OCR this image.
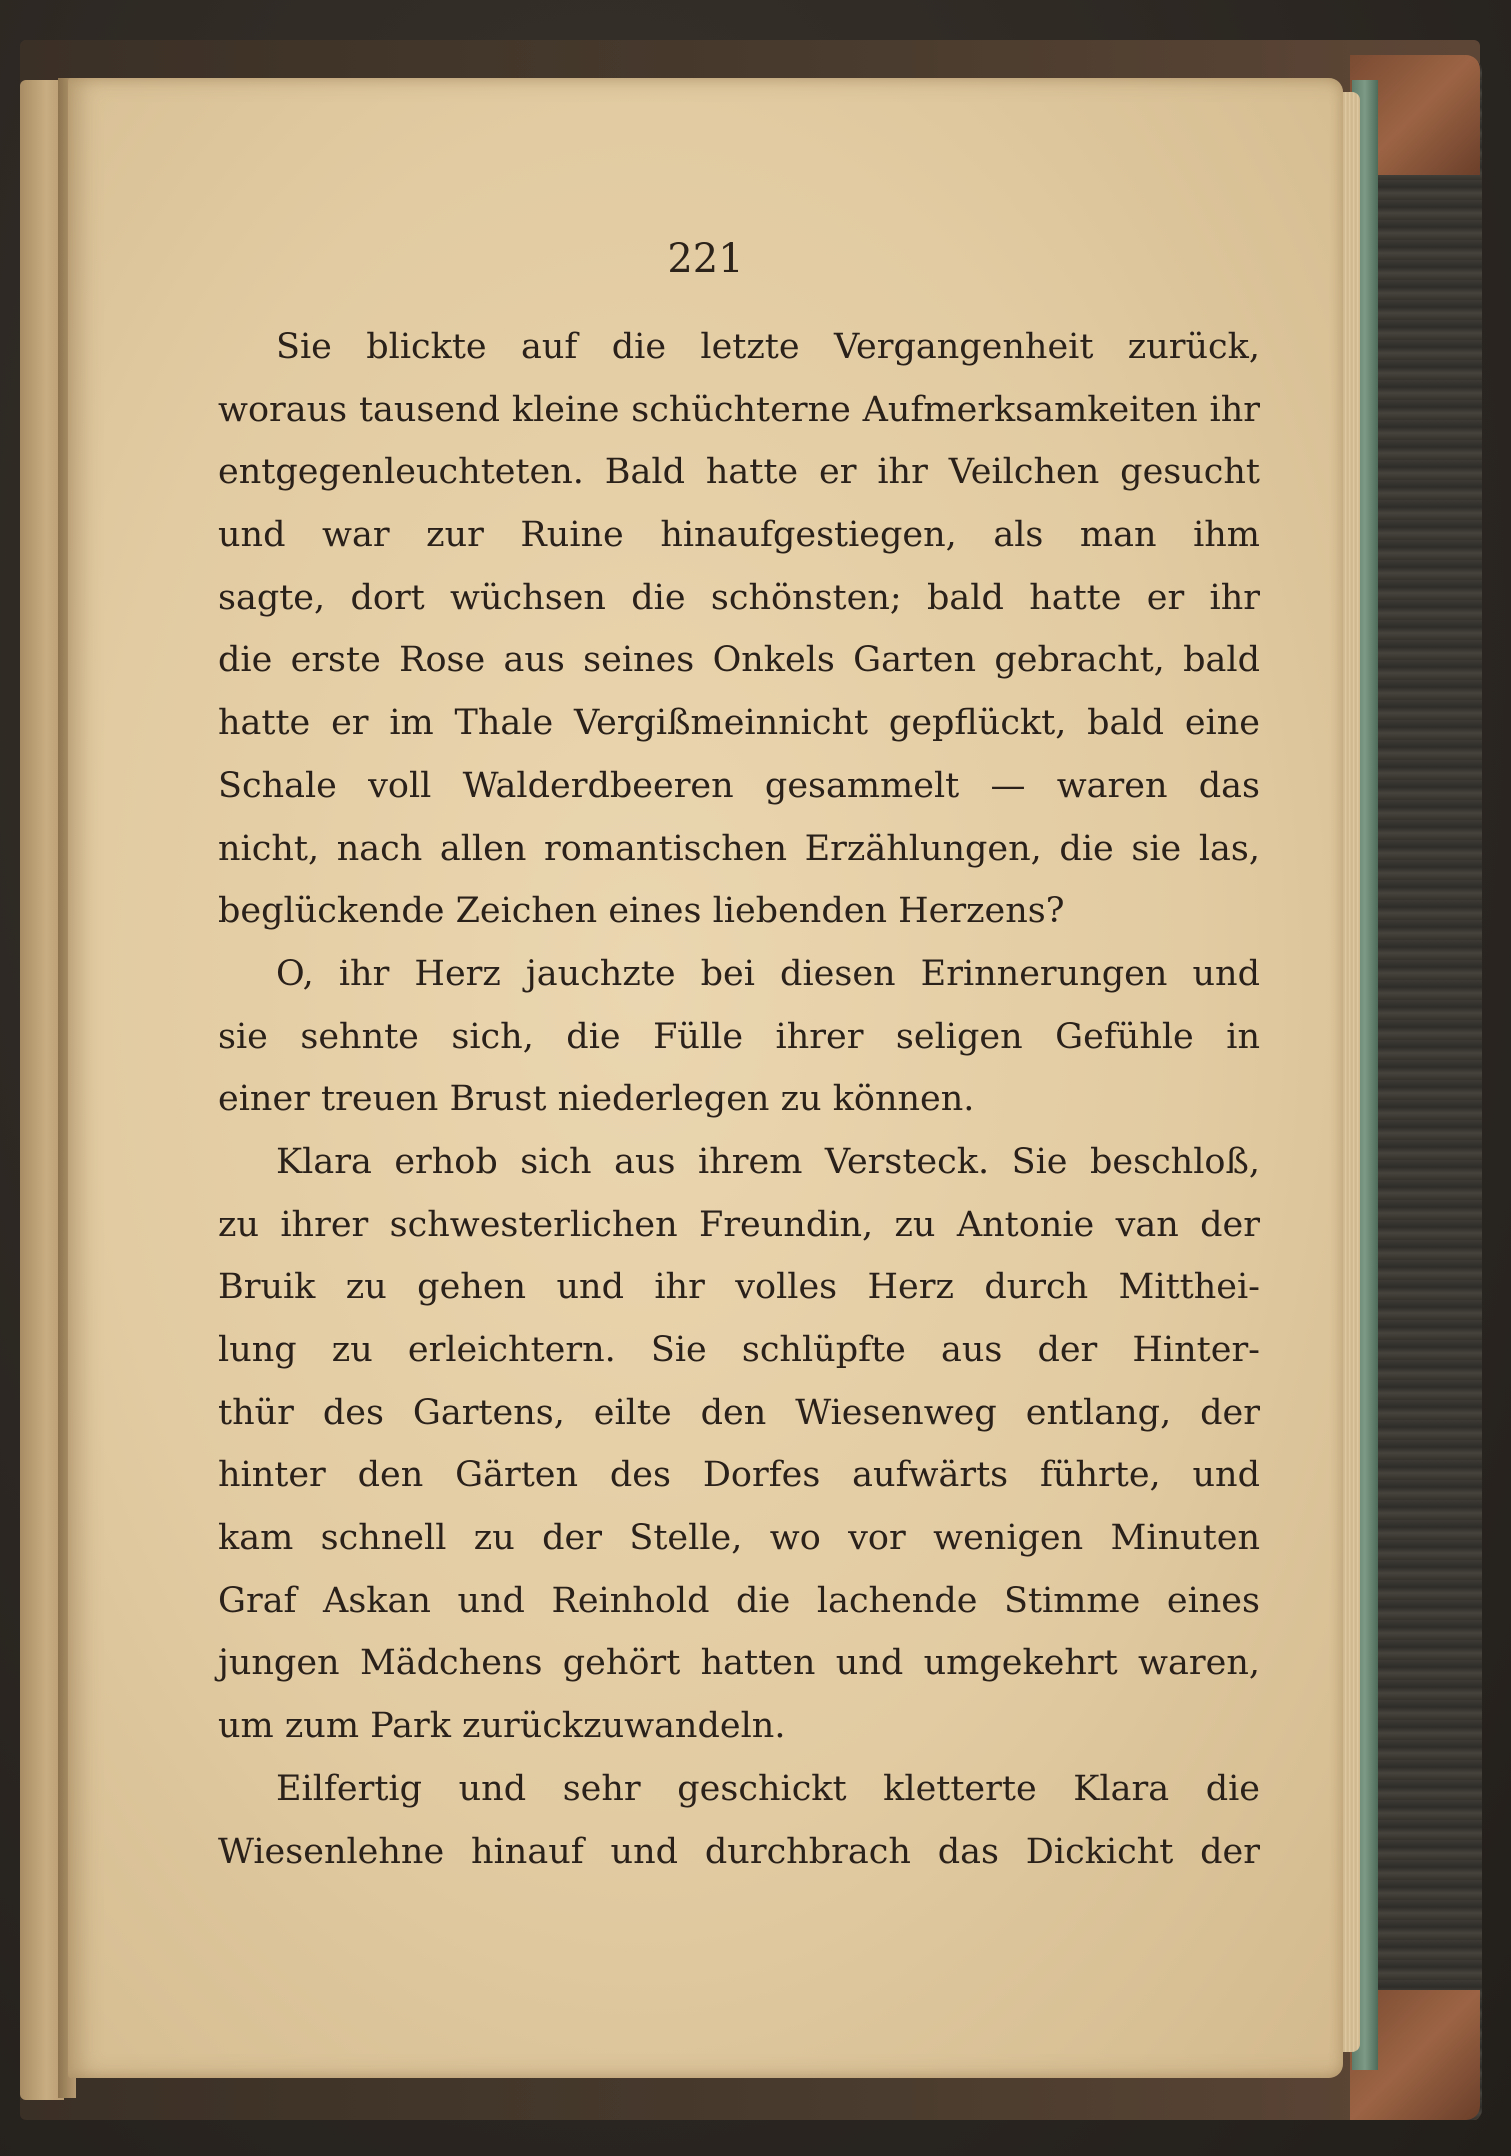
221
Sie blickte auf die letzte Vergangenheit zurück,
woraus tausend kleine schüchterne Aufmerksamkeiten ihr
entgegenleuchteten. Bald hatte er ihr Veilchen gesucht
und war zur Ruine hinaufgestiegen, als man ihm
sagte, dort wüchsen die schönsten; bald hatte er ihr
die erste Rose aus seines Onkels Garten gebracht, bald
hatte er im Thale Vergißmeinnicht gepflückt, bald eine
Schale voll Walderdbeeren gesammelt — waren das
nicht, nach allen romantischen Erzählungen, die sie las,
beglückende Zeichen eines liebenden Herzens?
O, ihr Herz jauchzte bei diesen Erinnerungen und
sie sehnte sich, die Fülle ihrer seligen Gefühle in
einer treuen Brust niederlegen zu können.
Klara erhob sich aus ihrem Versteck. Sie beschloß,
zu ihrer schwesterlichen Freundin, zu Antonie van der
Bruik zu gehen und ihr volles Herz durch Mitthei-
lung zu erleichtern. Sie schlüpfte aus der Hinter-
thür des Gartens, eilte den Wiesenweg entlang, der
hinter den Gärten des Dorfes aufwärts führte, und
kam schnell zu der Stelle, wo vor wenigen Minuten
Graf Askan und Reinhold die lachende Stimme eines
jungen Mädchens gehört hatten und umgekehrt waren,
um zum Park zurückzuwandeln.
Eilfertig und sehr geschickt kletterte Klara die
Wiesenlehne hinauf und durchbrach das Dickicht der
